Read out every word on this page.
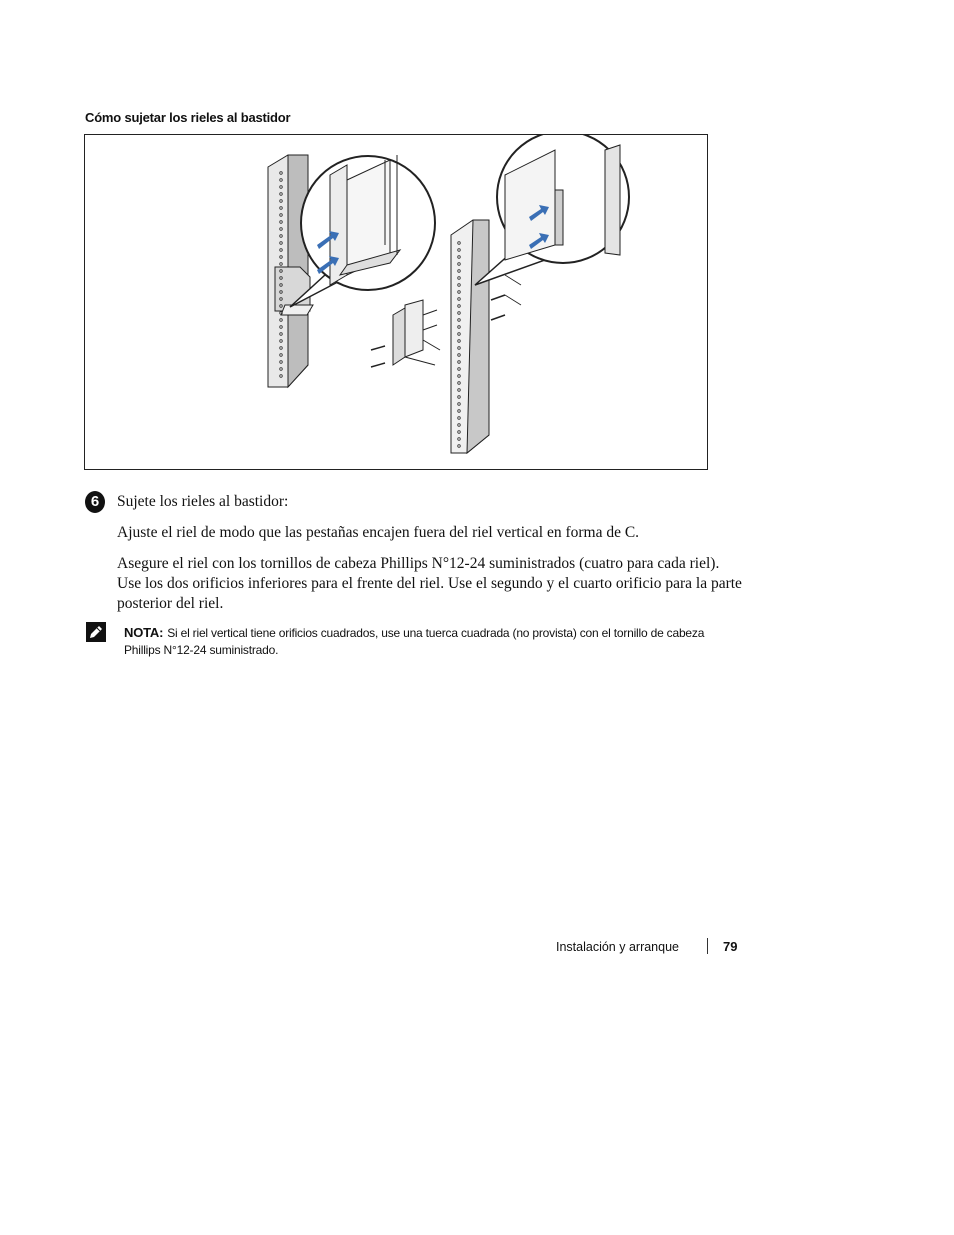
Cómo sujetar los rieles al bastidor
6	Sujete los rieles al bastidor:
Ajuste el riel de modo que las pestañas encajen fuera del riel vertical en forma de C.
Asegure el riel con los tornillos de cabeza Phillips N°12-24 suministrados (cuatro para cada riel). Use los dos orificios inferiores para el frente del riel. Use el segundo y el cuarto orificio para la parte posterior del riel.
NOTA: Si el riel vertical tiene orificios cuadrados, use una tuerca cuadrada (no provista) con el tornillo de cabeza Phillips N°12-24 suministrado.
Instalación y arranque	79
